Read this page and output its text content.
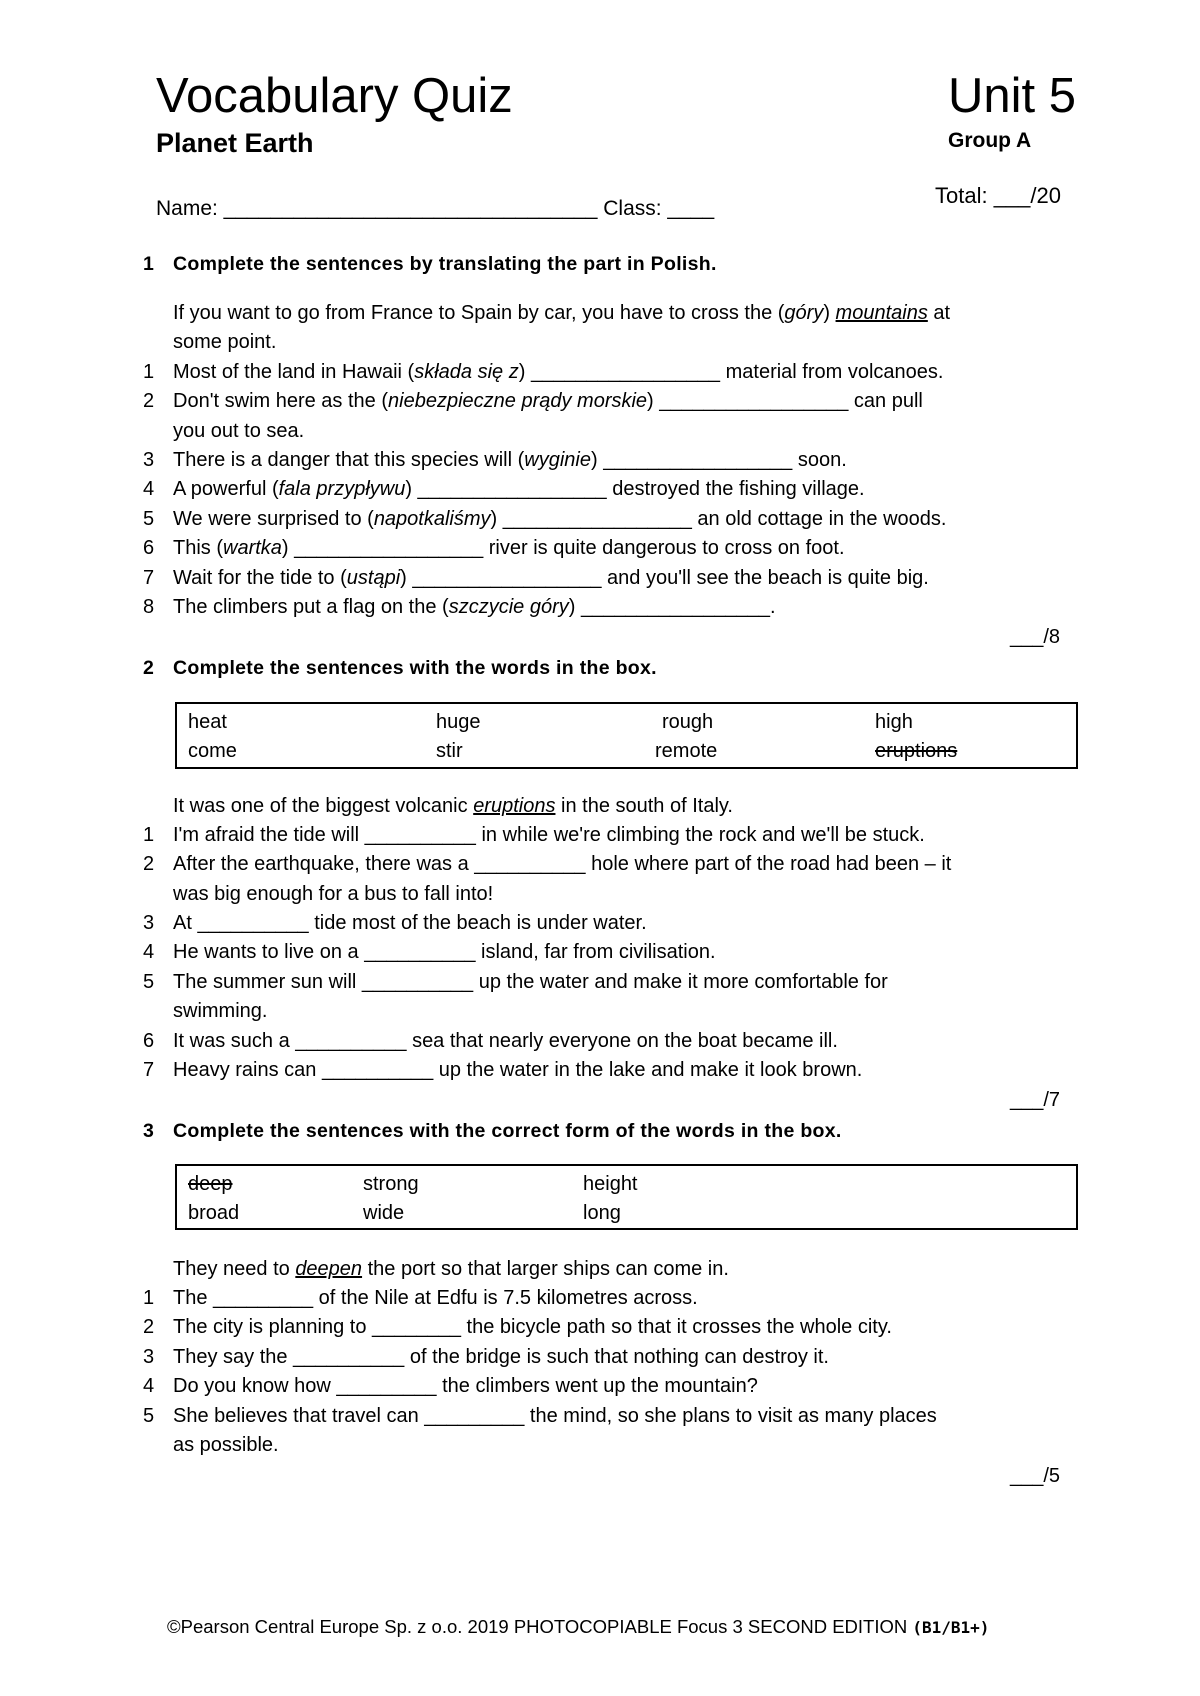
Vocabulary Quiz
Planet Earth
Unit 5
Group A
Total: ___/20
Name: ________________________________ Class: ____
1 Complete the sentences by translating the part in Polish.
If you want to go from France to Spain by car, you have to cross the (góry) mountains at
some point.
1 Most of the land in Hawaii (składa się z) _________________ material from volcanoes.
2 Don't swim here as the (niebezpieczne prądy morskie) _________________ can pull
you out to sea.
3 There is a danger that this species will (wyginie) _________________ soon.
4 A powerful (fala przypływu) _________________ destroyed the fishing village.
5 We were surprised to (napotkaliśmy) _________________ an old cottage in the woods.
6 This (wartka) _________________ river is quite dangerous to cross on foot.
7 Wait for the tide to (ustąpi) _________________ and you'll see the beach is quite big.
8 The climbers put a flag on the (szczycie góry) _________________.
___/8
2 Complete the sentences with the words in the box.
heat	huge	rough	high
come	stir	remote	eruptions
It was one of the biggest volcanic eruptions in the south of Italy.
1 I'm afraid the tide will __________ in while we're climbing the rock and we'll be stuck.
2 After the earthquake, there was a __________ hole where part of the road had been – it
was big enough for a bus to fall into!
3 At __________ tide most of the beach is under water.
4 He wants to live on a __________ island, far from civilisation.
5 The summer sun will __________ up the water and make it more comfortable for
swimming.
6 It was such a __________ sea that nearly everyone on the boat became ill.
7 Heavy rains can __________ up the water in the lake and make it look brown.
___/7
3 Complete the sentences with the correct form of the words in the box.
deep	strong	height
broad	wide	long
They need to deepen the port so that larger ships can come in.
1 The _________ of the Nile at Edfu is 7.5 kilometres across.
2 The city is planning to ________ the bicycle path so that it crosses the whole city.
3 They say the __________ of the bridge is such that nothing can destroy it.
4 Do you know how _________ the climbers went up the mountain?
5 She believes that travel can _________ the mind, so she plans to visit as many places
as possible.
___/5
©Pearson Central Europe Sp. z o.o. 2019 PHOTOCOPIABLE Focus 3 SECOND EDITION (B1/B1+)
